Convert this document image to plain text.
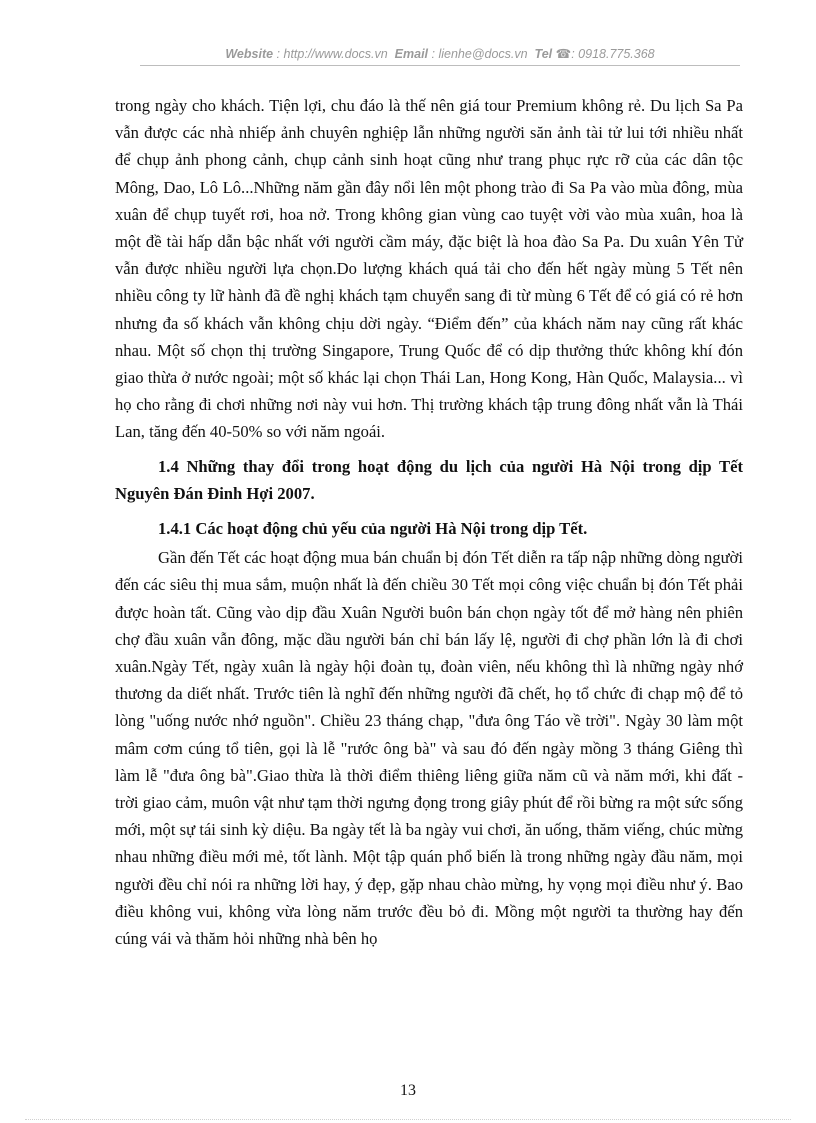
Website : http://www.docs.vn Email : lienhe@docs.vn Tel ☎: 0918.775.368

trong ngày cho khách. Tiện lợi, chu đáo là thế nên giá tour Premium không rẻ. Du lịch Sa Pa vẫn được các nhà nhiếp ảnh chuyên nghiệp lẫn những người săn ảnh tài tử lui tới nhiều nhất để chụp ảnh phong cảnh, chụp cảnh sinh hoạt cũng như trang phục rực rỡ của các dân tộc Mông, Dao, Lô Lô...Những năm gần đây nổi lên một phong trào đi Sa Pa vào mùa đông, mùa xuân để chụp tuyết rơi, hoa nở. Trong không gian vùng cao tuyệt vời vào mùa xuân, hoa là một đề tài hấp dẫn bậc nhất với người cầm máy, đặc biệt là hoa đào Sa Pa. Du xuân Yên Tử vẫn được nhiều người lựa chọn.Do lượng khách quá tải cho đến hết ngày mùng 5 Tết nên nhiều công ty lữ hành đã đề nghị khách tạm chuyển sang đi từ mùng 6 Tết để có giá có rẻ hơn nhưng đa số khách vẫn không chịu dời ngày. “Điểm đến” của khách năm nay cũng rất khác nhau. Một số chọn thị trường Singapore, Trung Quốc để có dịp thưởng thức không khí đón giao thừa ở nước ngoài; một số khác lại chọn Thái Lan, Hong Kong, Hàn Quốc, Malaysia... vì họ cho rằng đi chơi những nơi này vui hơn. Thị trường khách tập trung đông nhất vẫn là Thái Lan, tăng đến 40-50% so với năm ngoái.

1.4 Những thay đổi trong hoạt động du lịch của người Hà Nội trong dịp Tết Nguyên Đán Đinh Hợi 2007.
1.4.1 Các hoạt động chủ yếu của người Hà Nội trong dịp Tết.

Gần đến Tết các hoạt động mua bán chuẩn bị đón Tết diễn ra tấp nập những dòng người đến các siêu thị mua sắm, muộn nhất là đến chiều 30 Tết mọi công việc chuẩn bị đón Tết phải được hoàn tất. Cũng vào dịp đầu Xuân Người buôn bán chọn ngày tốt để mở hàng nên phiên chợ đầu xuân vẫn đông, mặc dầu người bán chỉ bán lấy lệ, người đi chợ phần lớn là đi chơi xuân.Ngày Tết, ngày xuân là ngày hội đoàn tụ, đoàn viên, nếu không thì là những ngày nhớ thương da diết nhất. Trước tiên là nghĩ đến những người đã chết, họ tổ chức đi chạp mộ để tỏ lòng "uống nước nhớ nguồn". Chiều 23 tháng chạp, "đưa ông Táo về trời". Ngày 30 làm một mâm cơm cúng tổ tiên, gọi là lễ "rước ông bà" và sau đó đến ngày mồng 3 tháng Giêng thì làm lễ "đưa ông bà".Giao thừa là thời điểm thiêng liêng giữa năm cũ và năm mới, khi đất - trời giao cảm, muôn vật như tạm thời ngưng đọng trong giây phút để rồi bừng ra một sức sống mới, một sự tái sinh kỳ diệu. Ba ngày tết là ba ngày vui chơi, ăn uống, thăm viếng, chúc mừng nhau những điều mới mẻ, tốt lành. Một tập quán phổ biến là trong những ngày đầu năm, mọi người đều chỉ nói ra những lời hay, ý đẹp, gặp nhau chào mừng, hy vọng mọi điều như ý. Bao điều không vui, không vừa lòng năm trước đều bỏ đi. Mồng một người ta thường hay đến cúng vái và thăm hỏi những nhà bên họ

13
